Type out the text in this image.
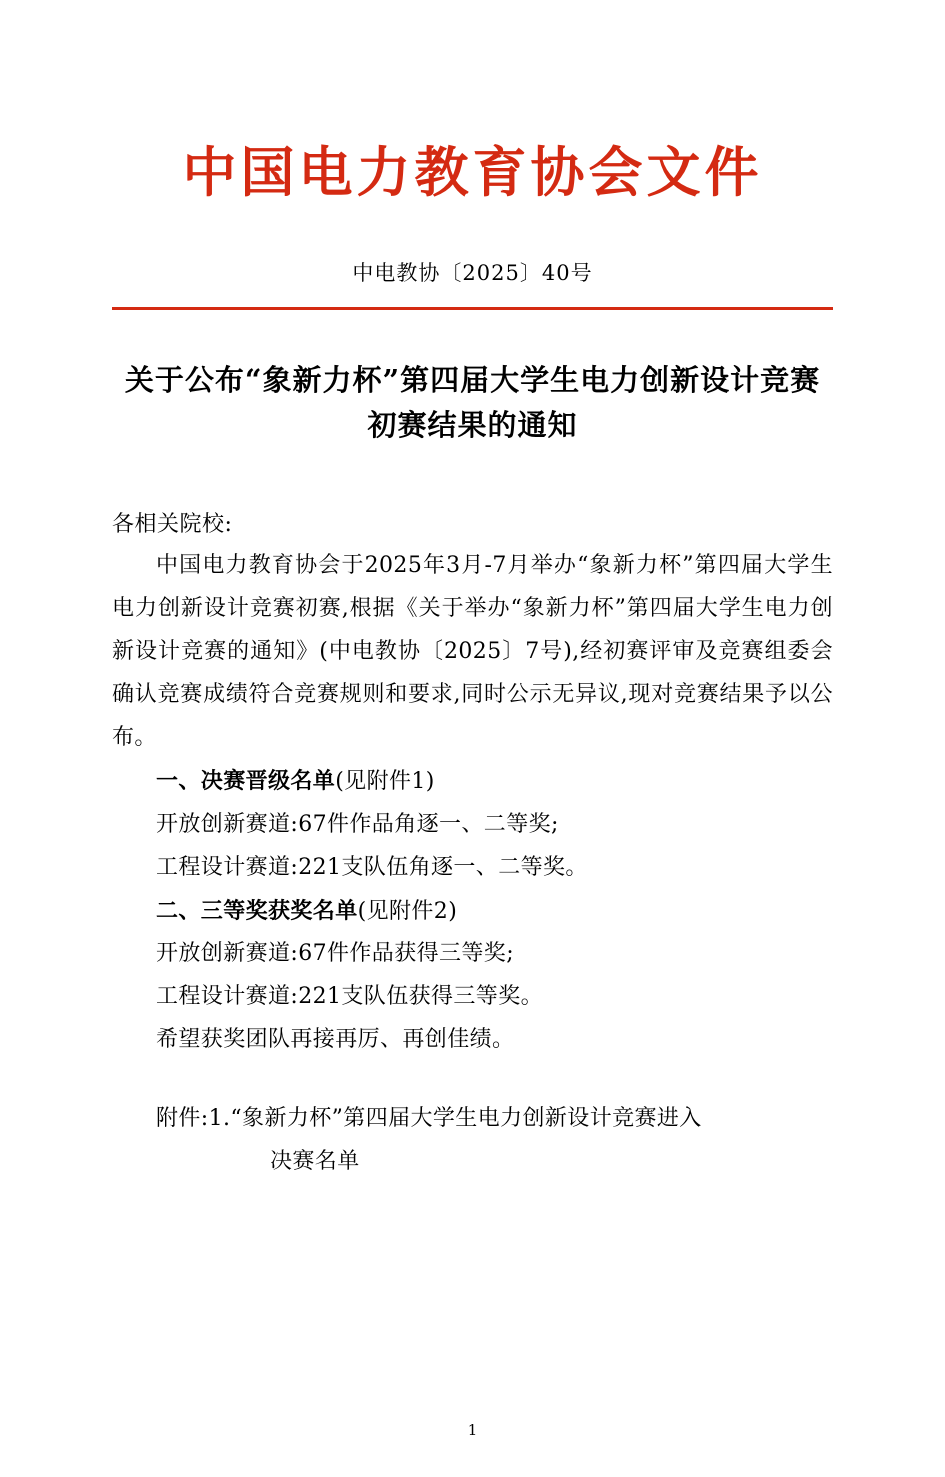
中国电力教育协会文件
中电教协〔2025〕40号
关于公布“象新力杯”第四届大学生电力创新设计竞赛初赛结果的通知
各相关院校:

中国电力教育协会于2025年3月-7月举办“象新力杯”第四届大学生电力创新设计竞赛初赛,根据《关于举办“象新力杯”第四届大学生电力创新设计竞赛的通知》(中电教协〔2025〕7号),经初赛评审及竞赛组委会确认竞赛成绩符合竞赛规则和要求,同时公示无异议,现对竞赛结果予以公布。

一、决赛晋级名单(见附件1)

开放创新赛道:67件作品角逐一、二等奖;

工程设计赛道:221支队伍角逐一、二等奖。

二、三等奖获奖名单(见附件2)

开放创新赛道:67件作品获得三等奖;

工程设计赛道:221支队伍获得三等奖。

希望获奖团队再接再厉、再创佳绩。

附件:1.“象新力杯”第四届大学生电力创新设计竞赛进入

决赛名单

1
